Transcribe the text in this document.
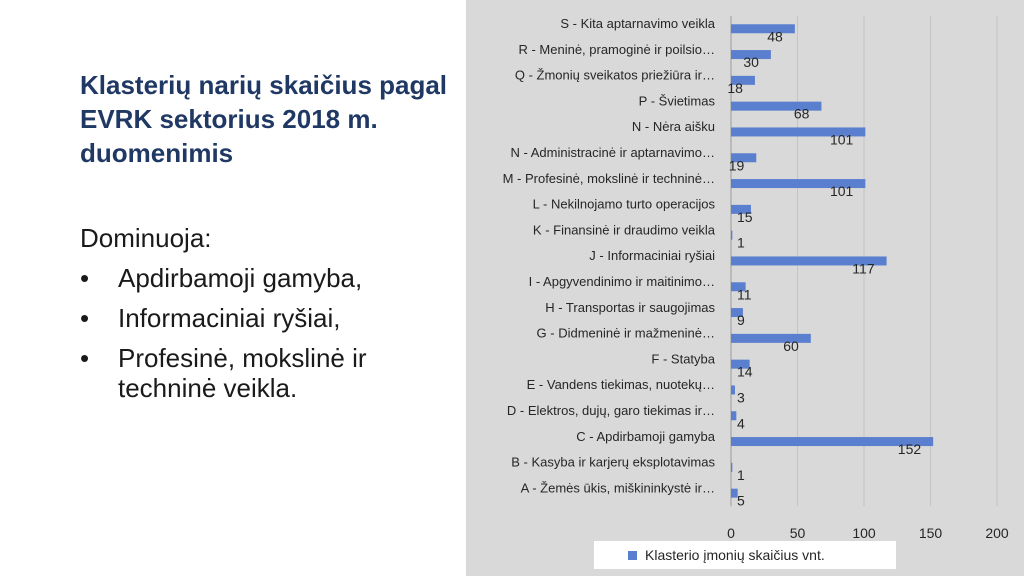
Klasterių narių skaičius pagal EVRK sektorius 2018 m. duomenimis

Dominuoja:

• Apdirbamoji gamyba,
• Informaciniai ryšiai,
• Profesinė, mokslinė ir techninė veikla.
0	50	100	150	200
S - Kita aptarnavimo veikla
48
R - Meninė, pramoginė ir poilsio…
30
Q - Žmonių sveikatos priežiūra ir…
18
P - Švietimas
68
N - Nėra aišku
101
N - Administracinė ir aptarnavimo…
19
M - Profesinė, mokslinė ir techninė…
101
L - Nekilnojamo turto operacijos
15
K - Finansinė ir draudimo veikla
1
J - Informaciniai ryšiai
117
I - Apgyvendinimo ir maitinimo…
11
H - Transportas ir saugojimas
9
G - Didmeninė ir mažmeninė…
60
F - Statyba
14
E - Vandens tiekimas, nuotekų…
3
D - Elektros, dujų, garo tiekimas ir…
4
C - Apdirbamoji gamyba
152
B - Kasyba ir karjerų eksplotavimas
1
A - Žemės ūkis, miškininkystė ir…
5
Klasterio įmonių skaičius vnt.
